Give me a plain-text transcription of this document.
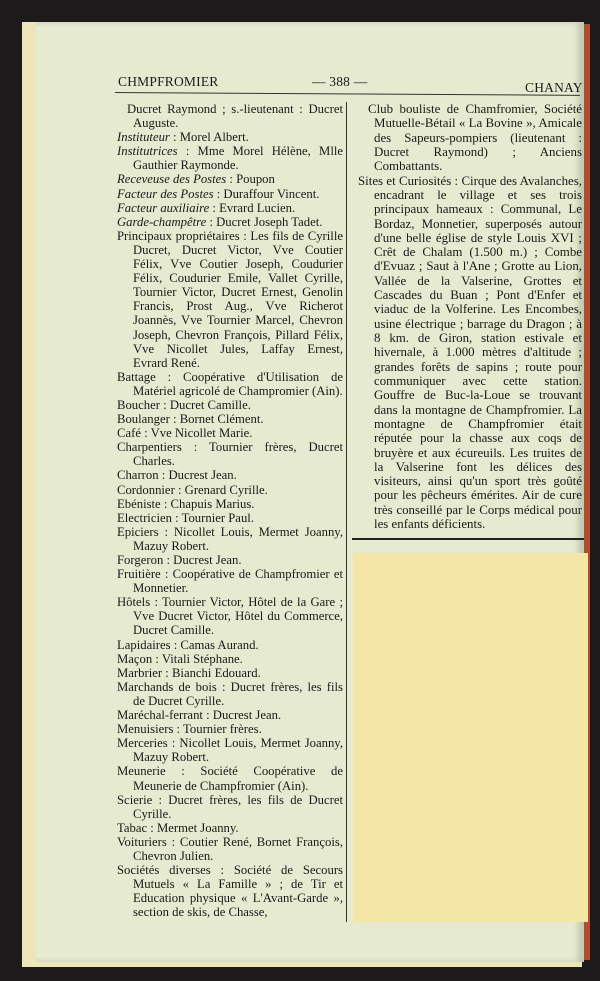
CHMPFROMIER	— 388 —	CHANAY

Ducret Raymond ; s.-lieutenant : Ducret Auguste.

Instituteur : Morel Albert.

Institutrices : Mme Morel Hélène, Mlle Gauthier Raymonde.

Receveuse des Postes : Poupon

Facteur des Postes : Duraffour Vincent.

Facteur auxiliaire : Evrard Lucien.

Garde-champêtre : Ducret Joseph Tadet.

Principaux propriétaires : Les fils de Cyrille Ducret, Ducret Victor, Vve Coutier Félix, Vve Coutier Joseph, Coudurier Félix, Coudurier Emile, Vallet Cyrille, Tournier Victor, Ducret Ernest, Genolin Francis, Prost Aug., Vve Richerot Joannès, Vve Tournier Marcel, Chevron Joseph, Chevron François, Pillard Félix, Vve Nicollet Jules, Laffay Ernest, Evrard René.

Battage : Coopérative d'Utilisation de Matériel agricolé de Champromier (Ain).

Boucher : Ducret Camille.

Boulanger : Bornet Clément.

Café : Vve Nicollet Marie.

Charpentiers : Tournier frères, Ducret Charles.

Charron : Ducrest Jean.

Cordonnier : Grenard Cyrille.

Ebéniste : Chapuis Marius.

Electricien : Tournier Paul.

Epiciers : Nicollet Louis, Mermet Joanny, Mazuy Robert.

Forgeron : Ducrest Jean.

Fruitière : Coopérative de Champfromier et Monnetier.

Hôtels : Tournier Victor, Hôtel de la Gare ; Vve Ducret Victor, Hôtel du Commerce, Ducret Camille.

Lapidaires : Camas Aurand.

Maçon : Vitali Stéphane.

Marbrier : Bianchi Edouard.

Marchands de bois : Ducret frères, les fils de Ducret Cyrille.

Maréchal-ferrant : Ducrest Jean.

Menuisiers : Tournier frères.

Merceries : Nicollet Louis, Mermet Joanny, Mazuy Robert.

Meunerie : Société Coopérative de Meunerie de Champfromier (Ain).

Scierie : Ducret frères, les fils de Ducret Cyrille.

Tabac : Mermet Joanny.

Voituriers : Coutier René, Bornet François, Chevron Julien.

Sociétés diverses : Société de Secours Mutuels « La Famille » ; de Tir et Education physique « L'Avant-Garde », section de skis, de Chasse,

Club bouliste de Chamfromier, Société Mutuelle-Bétail « La Bovine », Amicale des Sapeurs-pompiers (lieutenant : Ducret Raymond) ; Anciens Combattants.

Sites et Curiosités : Cirque des Avalanches, encadrant le village et ses trois principaux hameaux : Communal, Le Bordaz, Monnetier, superposés autour d'une belle église de style Louis XVI ; Crêt de Chalam (1.500 m.) ; Combe d'Evuaz ; Saut à l'Ane ; Grotte au Lion, Vallée de la Valserine, Grottes et Cascades du Buan ; Pont d'Enfer et viaduc de la Volferine. Les Encombes, usine électrique ; barrage du Dragon ; à 8 km. de Giron, station estivale et hivernale, à 1.000 mètres d'altitude ; grandes forêts de sapins ; route pour communiquer avec cette station. Gouffre de Buc-la-Loue se trouvant dans la montagne de Champfromier. La montagne de Champfromier était réputée pour la chasse aux coqs de bruyère et aux écureuils. Les truites de la Valserine font les délices des visiteurs, ainsi qu'un sport très goûté pour les pêcheurs émérites. Air de cure très conseillé par le Corps médical pour les enfants déficients.
